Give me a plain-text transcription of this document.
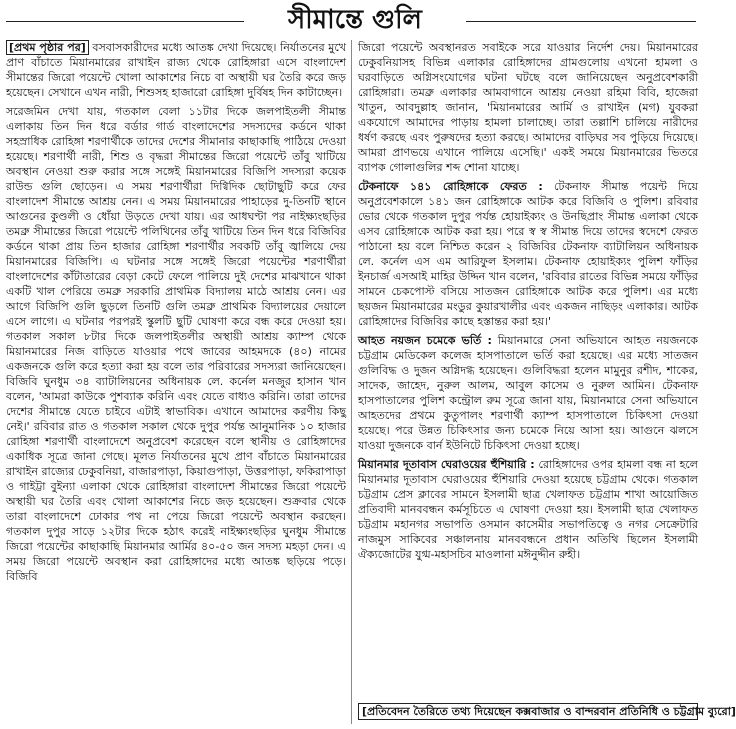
সীমান্তে গুলি

[প্রথম পৃষ্ঠার পর] বসবাসকারীদের মধ্যে আতঙ্ক দেখা দিয়েছে। নির্যাতনের মুখে প্রাণ বাঁচাতে মিয়ানমারের রাখাইন রাজ্য থেকে রোহিঙ্গারা এসে বাংলাদেশ সীমান্তের জিরো পয়েন্টে খোলা আকাশের নিচে বা অস্থায়ী ঘর তৈরি করে জড় হয়েছেন। সেখানে এখন নারী, শিশুসহ হাজারো রোহিঙ্গা দুর্বিষহ দিন কাটাচ্ছেন।

সরেজমিন দেখা যায়, গতকাল বেলা ১১টার দিকে জলপাইতলী সীমান্ত এলাকায় তিন দিন ধরে বর্ডার গার্ড বাংলাদেশের সদস্যদের কর্ডনে থাকা সহস্রাধিক রোহিঙ্গা শরণার্থীকে তাদের দেশের সীমানার কাছাকাছি পাঠিয়ে দেওয়া হয়েছে। শরণার্থী নারী, শিশু ও বৃদ্ধরা সীমান্তের জিরো পয়েন্টে তাঁবু খাটিয়ে অবস্থান নেওয়া শুরু করার সঙ্গে সঙ্গেই মিয়ানমারের বিজিপি সদস্যরা কয়েক রাউন্ড গুলি ছোড়েন। এ সময় শরণার্থীরা দিগ্বিদিক ছোটাছুটি করে ফের বাংলাদেশ সীমান্তে আশ্রয় নেন। এ সময় মিয়ানমারের পাহাড়ের দু-তিনটি স্থানে আগুনের কুণ্ডলী ও ধোঁয়া উড়তে দেখা যায়। এর আধঘণ্টা পর নাইক্ষ্যংছড়ির তমব্রু সীমান্তের জিরো পয়েন্টে পলিথিনের তাঁবু খাটিয়ে তিন দিন ধরে বিজিবির কর্ডনে থাকা প্রায় তিন হাজার রোহিঙ্গা শরণার্থীর সবকটি তাঁবু জ্বালিয়ে দেয় মিয়ানমারের বিজিপি। এ ঘটনার সঙ্গে সঙ্গেই জিরো পয়েন্টের শরণার্থীরা বাংলাদেশের কাঁটাতারের বেড়া কেটে ফেলে পালিয়ে দুই দেশের মাঝখানে থাকা একটি খাল পেরিয়ে তমব্রু সরকারি প্রাথমিক বিদ্যালয় মাঠে আশ্রয় নেন। এর আগে বিজিপি গুলি ছুড়লে তিনটি গুলি তমব্রু প্রাথমিক বিদ্যালয়ের দেয়ালে এসে লাগে। এ ঘটনার পরপরই স্কুলটি ছুটি ঘোষণা করে বন্ধ করে দেওয়া হয়। গতকাল সকাল ৮টার দিকে জলপাইতলীর অস্থায়ী আশ্রয় ক্যাম্প থেকে মিয়ানমারের নিজ বাড়িতে যাওয়ার পথে জাবের আহমদকে (৪০) নামের একজনকে গুলি করে হত্যা করা হয় বলে তার পরিবারের সদস্যরা জানিয়েছেন। বিজিবি ঘুনধুম ৩৪ ব্যাটালিয়নের অধিনায়ক লে. কর্নেল মনজুর হাসান খান বলেন, 'আমরা কাউকে পুশব্যাক করিনি এবং যেতে বাধ্যও করিনি। তারা তাদের দেশের সীমান্তে যেতে চাইবে এটাই স্বাভাবিক। এখানে আমাদের করণীয় কিছু নেই।' রবিবার রাত ও গতকাল সকাল থেকে দুপুর পর্যন্ত আনুমানিক ১০ হাজার রোহিঙ্গা শরণার্থী বাংলাদেশে অনুপ্রবেশ করেছেন বলে স্থানীয় ও রোহিঙ্গাদের একাধিক সূত্রে জানা গেছে। মূলত নির্যাতনের মুখে প্রাণ বাঁচাতে মিয়ানমারের রাখাইন রাজ্যের ঢেকুবনিয়া, বাজারপাড়া, কিয়াগুপাড়া, উত্তরপাড়া, ফকিরাপাড়া ও গাইট্টা বুইন্যা এলাকা থেকে রোহিঙ্গারা বাংলাদেশ সীমান্তের জিরো পয়েন্টে অস্থায়ী ঘর তৈরি এবং খোলা আকাশের নিচে জড় হয়েছেন। শুক্রবার থেকে তারা বাংলাদেশে ঢোকার পথ না পেয়ে জিরো পয়েন্টে অবস্থান করছেন। গতকাল দুপুর সাড়ে ১২টার দিকে হঠাৎ করেই নাইক্ষ্যংছড়ির ঘুনধুম সীমান্তে জিরো পয়েন্টের কাছাকাছি মিয়ানমার আর্মির ৪০-৫০ জন সদস্য মহড়া দেন। এ সময় জিরো পয়েন্টে অবস্থান করা রোহিঙ্গাদের মধ্যে আতঙ্ক ছড়িয়ে পড়ে। বিজিবি

জিরো পয়েন্টে অবস্থানরত সবাইকে সরে যাওয়ার নির্দেশ দেয়। মিয়ানমারের ঢেকুবনিয়াসহ বিভিন্ন এলাকার রোহিঙ্গাদের গ্রামগুলোয় এখনো হামলা ও ঘরবাড়িতে অগ্নিসংযোগের ঘটনা ঘটছে বলে জানিয়েছেন অনুপ্রবেশকারী রোহিঙ্গারা। তমব্রু এলাকার আমবাগানে আশ্রয় নেওয়া রহিমা বিবি, হাজেরা খাতুন, আবদুল্লাহ জানান, 'মিয়ানমারের আর্মি ও রাখাইন (মগ) যুবকরা একযোগে আমাদের পাড়ায় হামলা চালাচ্ছে। তারা তল্লাশি চালিয়ে নারীদের ধর্ষণ করছে এবং পুরুষদের হত্যা করছে। আমাদের বাড়িঘর সব পুড়িয়ে দিয়েছে। আমরা প্রাণভয়ে এখানে পালিয়ে এসেছি।' একই সময়ে মিয়ানমারের ভিতরে ব্যাপক গোলাগুলির শব্দ শোনা যাচ্ছে।

টেকনাফে ১৪১ রোহিঙ্গাকে ফেরত : টেকনাফ সীমান্ত পয়েন্ট দিয়ে অনুপ্রবেশকালে ১৪১ জন রোহিঙ্গাকে আটক করে বিজিবি ও পুলিশ। রবিবার ভোর থেকে গতকাল দুপুর পর্যন্ত হোয়াইক্যং ও উনছিপ্রাং সীমান্ত এলাকা থেকে এসব রোহিঙ্গাকে আটক করা হয়। পরে স্ব স্ব সীমান্ত দিয়ে তাদের স্বদেশে ফেরত পাঠানো হয় বলে নিশ্চিত করেন ২ বিজিবির টেকনাফ ব্যাটালিয়ন অধিনায়ক লে. কর্নেল এস এম আরিফুল ইসলাম। টেকনাফ হোয়াইক্যং পুলিশ ফাঁড়ির ইনচার্জ এসআই মাহির উদ্দিন খান বলেন, 'রবিবার রাতের বিভিন্ন সময়ে ফাঁড়ির সামনে চেকপোস্ট বসিয়ে সাতজন রোহিঙ্গাকে আটক করে পুলিশ। এর মধ্যে ছয়জন মিয়ানমারের মংডুর কুয়ারখালীর এবং একজন নাছিড়ং এলাকার। আটক রোহিঙ্গাদের বিজিবির কাছে হস্তান্তর করা হয়।'

আহত নয়জন চমেকে ভর্তি : মিয়ানমারে সেনা অভিযানে আহত নয়জনকে চট্টগ্রাম মেডিকেল কলেজ হাসপাতালে ভর্তি করা হয়েছে। এর মধ্যে সাতজন গুলিবিদ্ধ ও দুজন অগ্নিদগ্ধ হয়েছেন। গুলিবিদ্ধরা হলেন মামুনুর রশীদ, শাকের, সাদেক, জাহেদ, নুরুল আলম, আবুল কাসেম ও নুরুল আমিন। টেকনাফ হাসপাতালের পুলিশ কন্ট্রোল রুম সূত্রে জানা যায়, মিয়ানমারে সেনা অভিযানে আহতদের প্রথমে কুতুপালং শরণার্থী ক্যাম্প হাসপাতালে চিকিৎসা দেওয়া হয়েছে। পরে উন্নত চিকিৎসার জন্য চমেকে নিয়ে আসা হয়। আগুনে ঝলসে যাওয়া দুজনকে বার্ন ইউনিটে চিকিৎসা দেওয়া হচ্ছে।

মিয়ানমার দূতাবাস ঘেরাওয়ের হুঁশিয়ারি : রোহিঙ্গাদের ওপর হামলা বন্ধ না হলে মিয়ানমার দূতাবাস ঘেরাওয়ের হুঁশিয়ারি দেওয়া হয়েছে চট্টগ্রাম থেকে। গতকাল চট্টগ্রাম প্রেস ক্লাবের সামনে ইসলামী ছাত্র খেলাফত চট্টগ্রাম শাখা আয়োজিত প্রতিবাদী মানববন্ধন কর্মসূচিতে এ ঘোষণা দেওয়া হয়। ইসলামী ছাত্র খেলাফত চট্টগ্রাম মহানগর সভাপতি ওসমান কাসেমীর সভাপতিত্বে ও নগর সেক্রেটারি নাজমুস সাকিবের সঞ্চালনায় মানববন্ধনে প্রধান অতিথি ছিলেন ইসলামী ঐক্যজোটের যুগ্ম-মহাসচিব মাওলানা মঈনুদ্দীন রুহী।

[প্রতিবেদন তৈরিতে তথ্য দিয়েছেন কক্সবাজার ও বান্দরবান প্রতিনিধি ও চট্টগ্রাম ব্যুরো]
